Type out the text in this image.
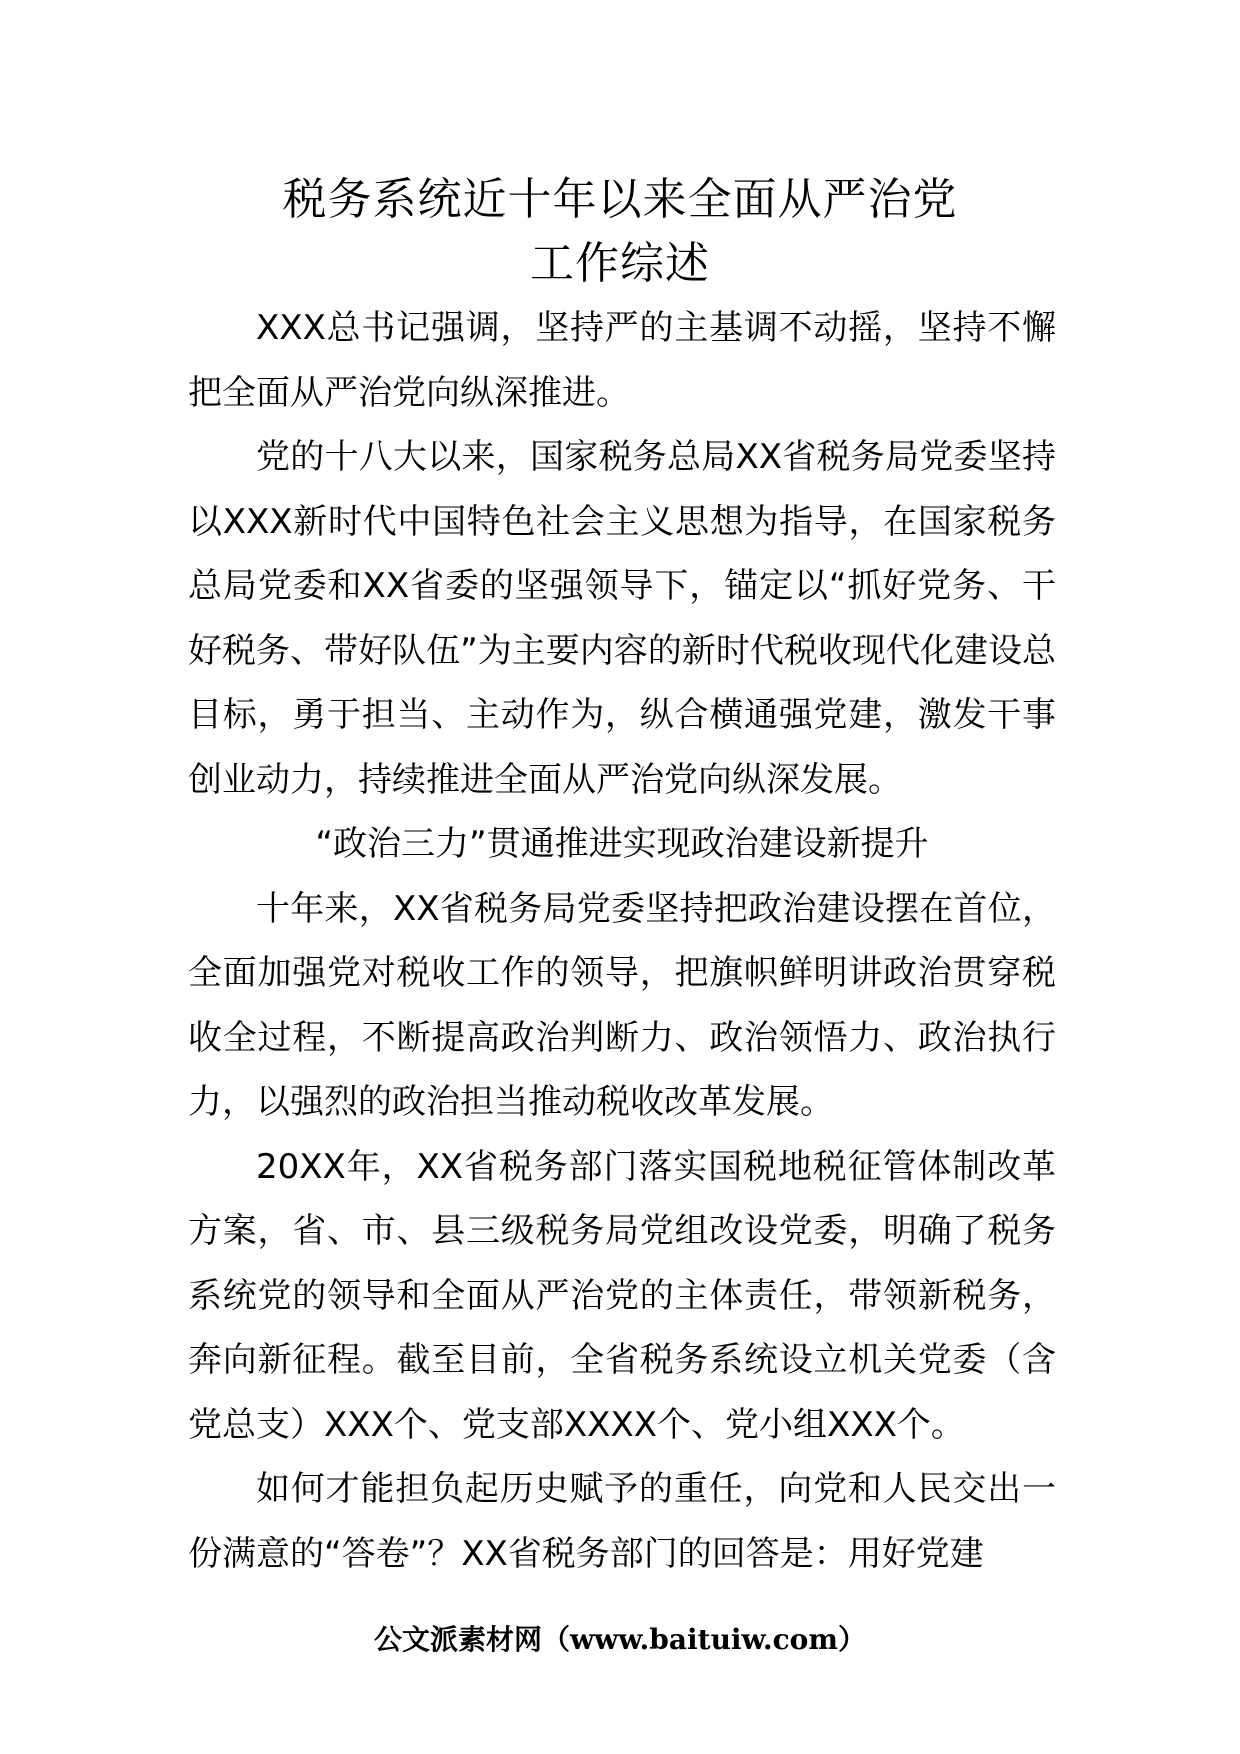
税务系统近十年以来全面从严治党
工作综述

XXX总书记强调，坚持严的主基调不动摇，坚持不懈把全面从严治党向纵深推进。

党的十八大以来，国家税务总局XX省税务局党委坚持以XXX新时代中国特色社会主义思想为指导，在国家税务总局党委和XX省委的坚强领导下，锚定以“抓好党务、干好税务、带好队伍”为主要内容的新时代税收现代化建设总目标，勇于担当、主动作为，纵合横通强党建，激发干事创业动力，持续推进全面从严治党向纵深发展。

“政治三力”贯通推进实现政治建设新提升

十年来，XX省税务局党委坚持把政治建设摆在首位，全面加强党对税收工作的领导，把旗帜鲜明讲政治贯穿税收全过程，不断提高政治判断力、政治领悟力、政治执行力，以强烈的政治担当推动税收改革发展。

20XX年，XX省税务部门落实国税地税征管体制改革方案，省、市、县三级税务局党组改设党委，明确了税务系统党的领导和全面从严治党的主体责任，带领新税务，奔向新征程。截至目前，全省税务系统设立机关党委（含党总支）XXX个、党支部XXXX个、党小组XXX个。

如何才能担负起历史赋予的重任，向党和人民交出一份满意的“答卷”？XX省税务部门的回答是：用好党建

公文派素材网（www.baituiw.com）
